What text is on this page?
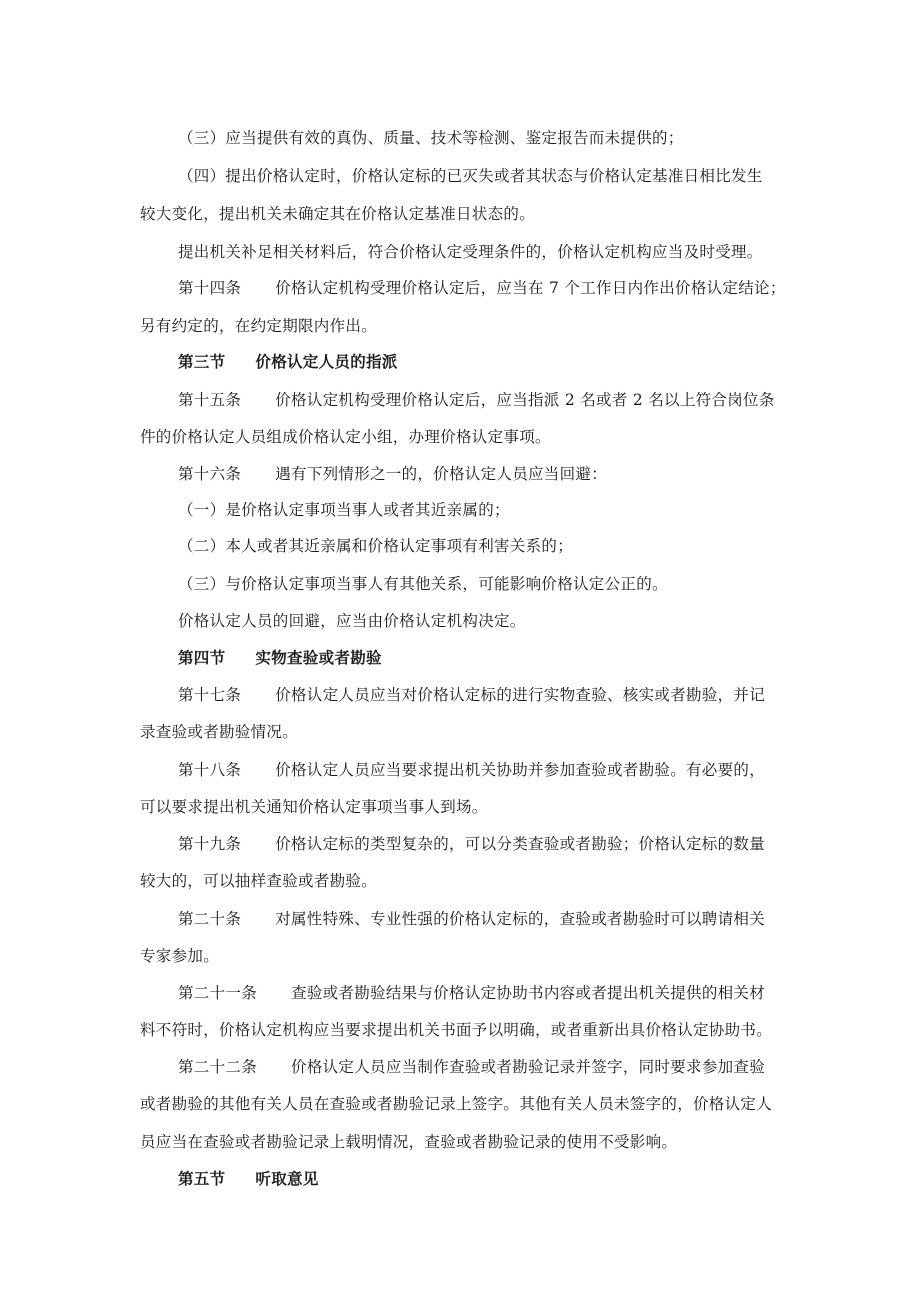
（三）应当提供有效的真伪、质量、技术等检测、鉴定报告而未提供的；
（四）提出价格认定时，价格认定标的已灭失或者其状态与价格认定基准日相比发生
较大变化，提出机关未确定其在价格认定基准日状态的。
提出机关补足相关材料后，符合价格认定受理条件的，价格认定机构应当及时受理。
第十四条 价格认定机构受理价格认定后，应当在 7 个工作日内作出价格认定结论；
另有约定的，在约定期限内作出。
第三节 价格认定人员的指派
第十五条 价格认定机构受理价格认定后，应当指派 2 名或者 2 名以上符合岗位条
件的价格认定人员组成价格认定小组，办理价格认定事项。
第十六条 遇有下列情形之一的，价格认定人员应当回避：
（一）是价格认定事项当事人或者其近亲属的；
（二）本人或者其近亲属和价格认定事项有利害关系的；
（三）与价格认定事项当事人有其他关系，可能影响价格认定公正的。
价格认定人员的回避，应当由价格认定机构决定。
第四节 实物查验或者勘验
第十七条 价格认定人员应当对价格认定标的进行实物查验、核实或者勘验，并记
录查验或者勘验情况。
第十八条 价格认定人员应当要求提出机关协助并参加查验或者勘验。有必要的，
可以要求提出机关通知价格认定事项当事人到场。
第十九条 价格认定标的类型复杂的，可以分类查验或者勘验；价格认定标的数量
较大的，可以抽样查验或者勘验。
第二十条 对属性特殊、专业性强的价格认定标的，查验或者勘验时可以聘请相关
专家参加。
第二十一条 查验或者勘验结果与价格认定协助书内容或者提出机关提供的相关材
料不符时，价格认定机构应当要求提出机关书面予以明确，或者重新出具价格认定协助书。
第二十二条 价格认定人员应当制作查验或者勘验记录并签字，同时要求参加查验
或者勘验的其他有关人员在查验或者勘验记录上签字。其他有关人员未签字的，价格认定人
员应当在查验或者勘验记录上载明情况，查验或者勘验记录的使用不受影响。
第五节 听取意见
